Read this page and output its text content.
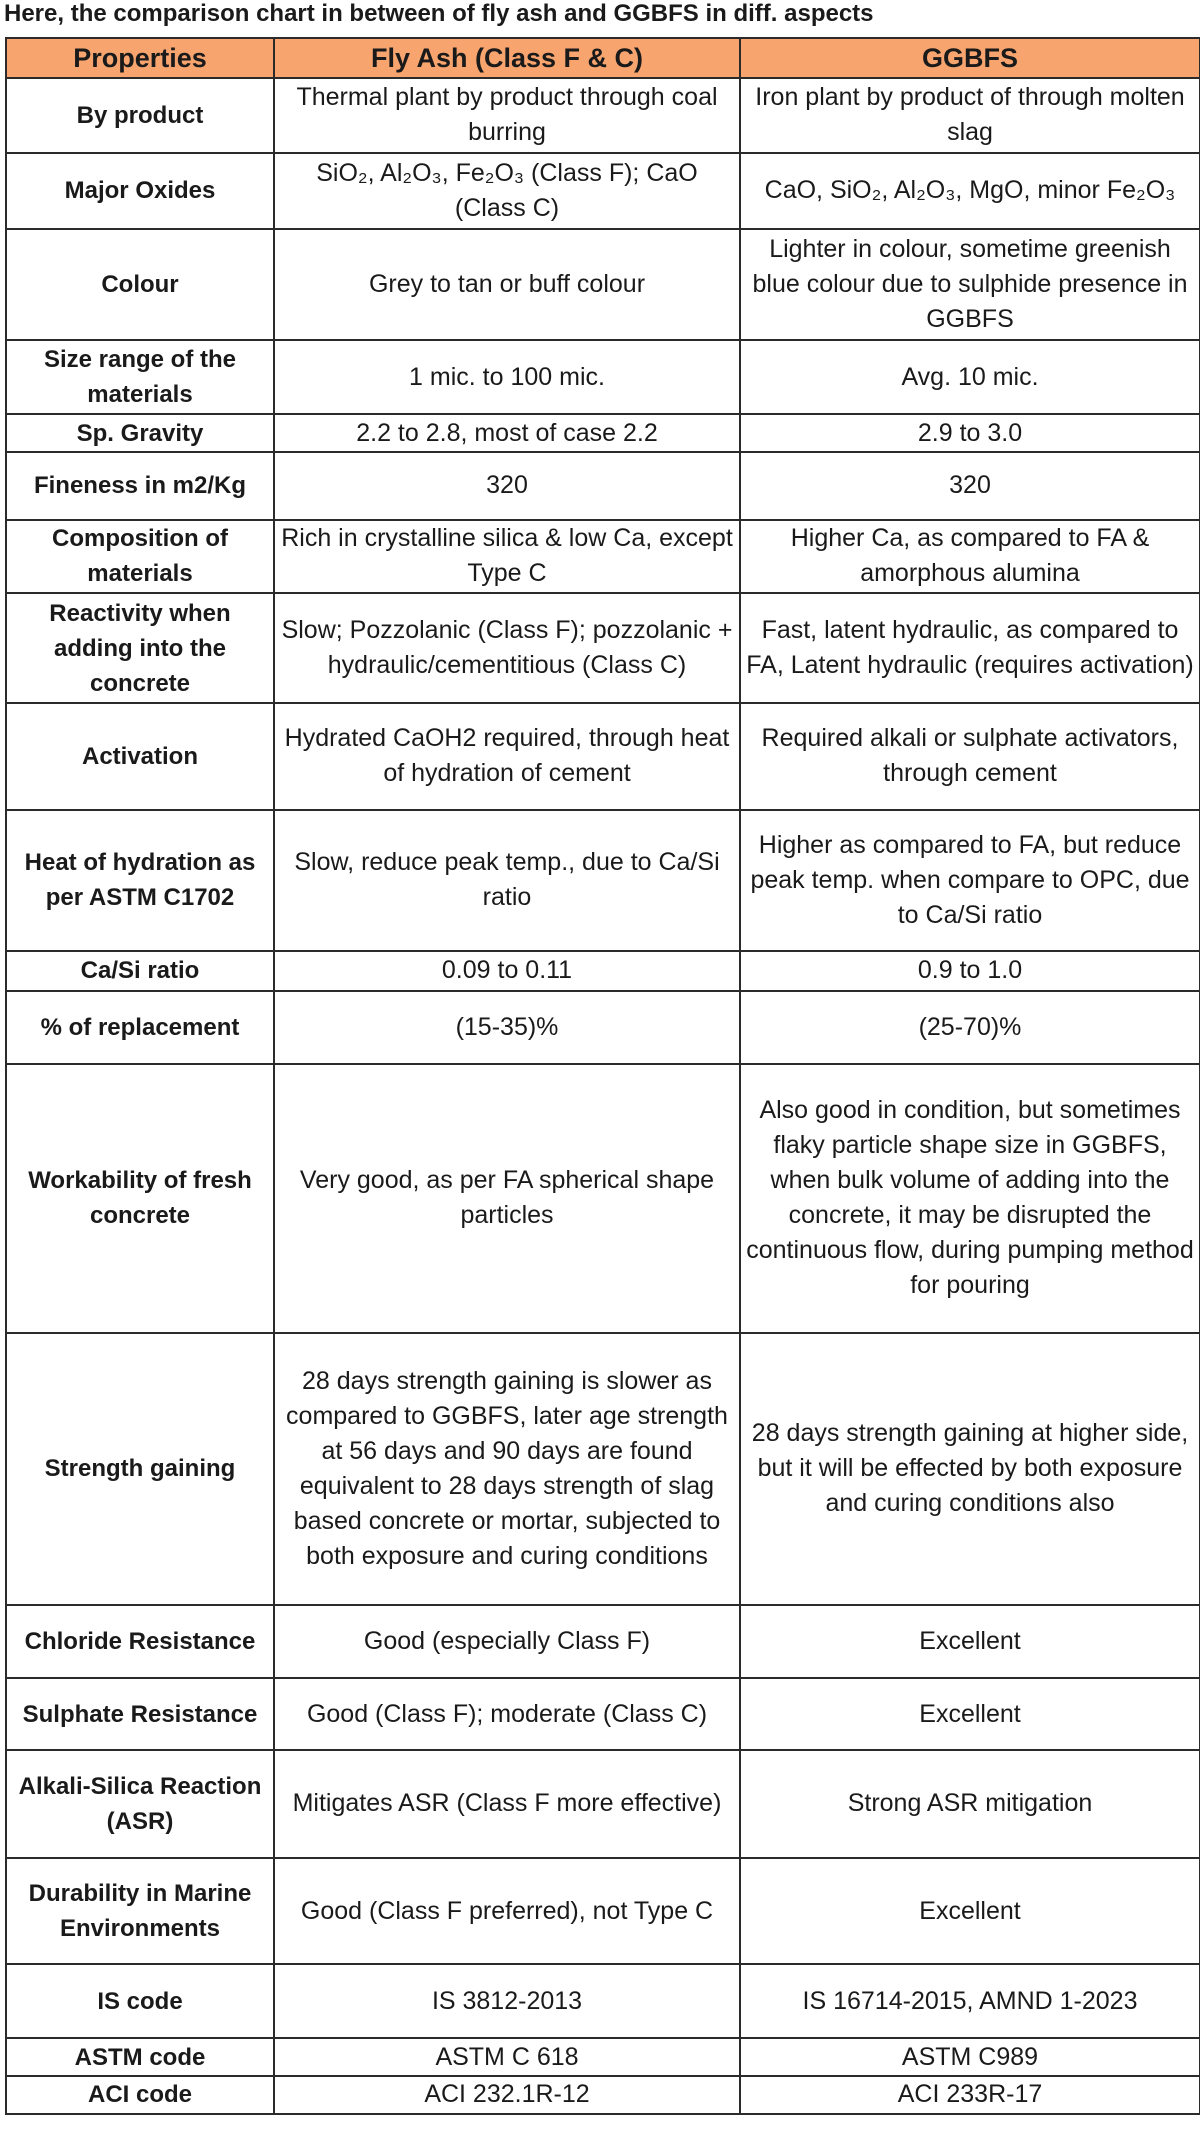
Here, the comparison chart in between of fly ash and GGBFS in diff. aspects
Properties	Fly Ash (Class F & C)	GGBFS
By product	Thermal plant by product through coal burring	Iron plant by product of through molten slag
Major Oxides	SiO₂, Al₂O₃, Fe₂O₃ (Class F); CaO (Class C)	CaO, SiO₂, Al₂O₃, MgO, minor Fe₂O₃
Colour	Grey to tan or buff colour	Lighter in colour, sometime greenish blue colour due to sulphide presence in GGBFS
Size range of the materials	1 mic. to 100 mic.	Avg. 10 mic.
Sp. Gravity	2.2 to 2.8, most of case 2.2	2.9 to 3.0
Fineness in m2/Kg	320	320
Composition of materials	Rich in crystalline silica & low Ca, except Type C	Higher Ca, as compared to FA & amorphous alumina
Reactivity when adding into the concrete	Slow; Pozzolanic (Class F); pozzolanic + hydraulic/cementitious (Class C)	Fast, latent hydraulic, as compared to FA, Latent hydraulic (requires activation)
Activation	Hydrated CaOH2 required, through heat of hydration of cement	Required alkali or sulphate activators, through cement
Heat of hydration as per ASTM C1702	Slow, reduce peak temp., due to Ca/Si ratio	Higher as compared to FA, but reduce peak temp. when compare to OPC, due to Ca/Si ratio
Ca/Si ratio	0.09 to 0.11	0.9 to 1.0
% of replacement	(15-35)%	(25-70)%
Workability of fresh concrete	Very good, as per FA spherical shape particles	Also good in condition, but sometimes flaky particle shape size in GGBFS, when bulk volume of adding into the concrete, it may be disrupted the continuous flow, during pumping method for pouring
Strength gaining	28 days strength gaining is slower as compared to GGBFS, later age strength at 56 days and 90 days are found equivalent to 28 days strength of slag based concrete or mortar, subjected to both exposure and curing conditions	28 days strength gaining at higher side, but it will be effected by both exposure and curing conditions also
Chloride Resistance	Good (especially Class F)	Excellent
Sulphate Resistance	Good (Class F); moderate (Class C)	Excellent
Alkali-Silica Reaction (ASR)	Mitigates ASR (Class F more effective)	Strong ASR mitigation
Durability in Marine Environments	Good (Class F preferred), not Type C	Excellent
IS code	IS 3812-2013	IS 16714-2015, AMND 1-2023
ASTM code	ASTM C 618	ASTM C989
ACI code	ACI 232.1R-12	ACI 233R-17
